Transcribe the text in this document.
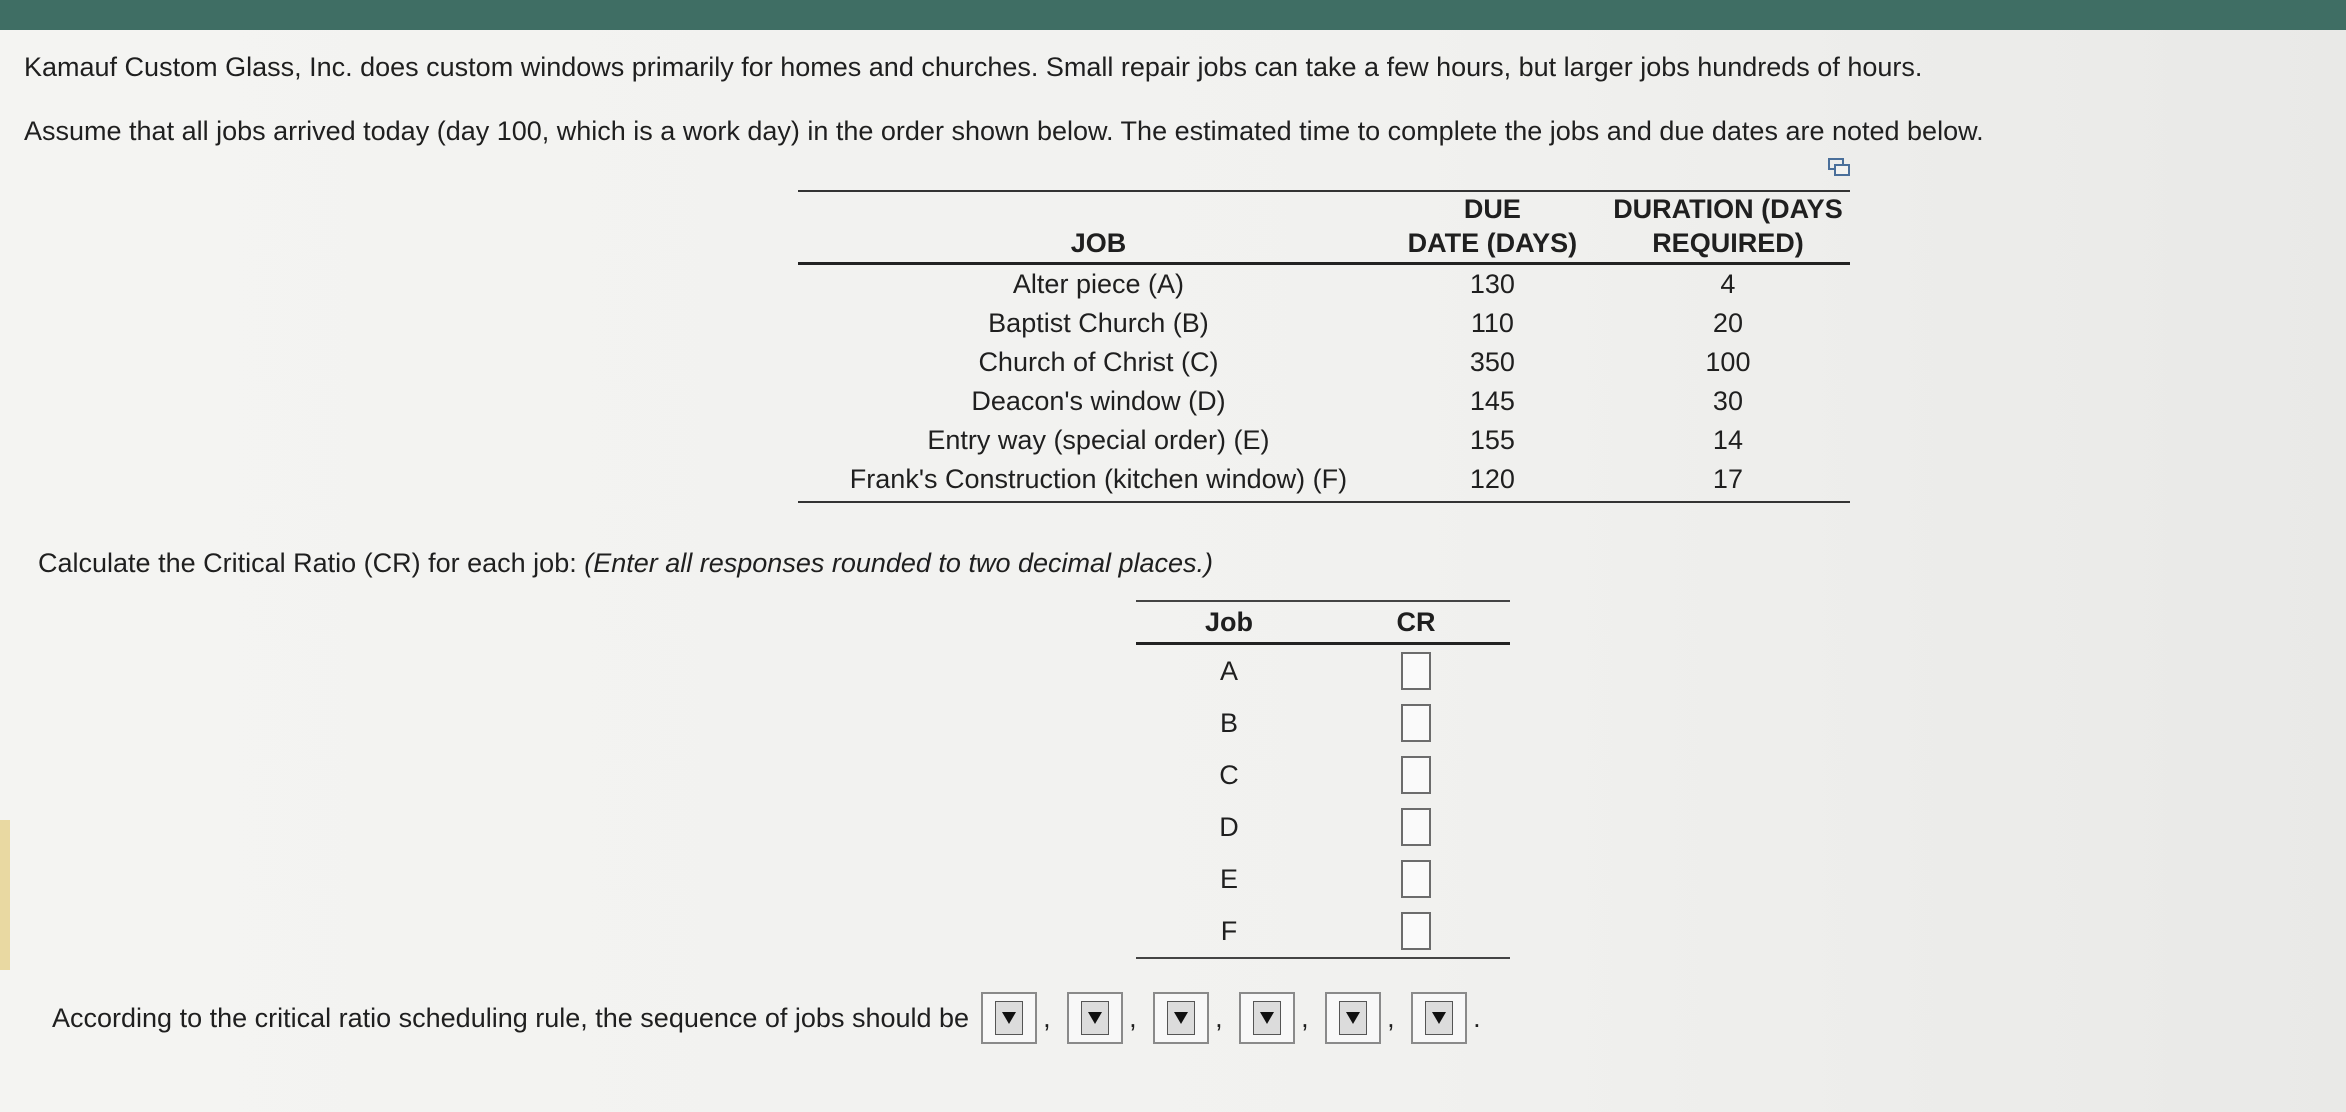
Kamauf Custom Glass, Inc. does custom windows primarily for homes and churches. Small repair jobs can take a few hours, but larger jobs hundreds of hours.

Assume that all jobs arrived today (day 100, which is a work day) in the order shown below. The estimated time to complete the jobs and due dates are noted below.

	DUE	DURATION (DAYS
JOB	DATE (DAYS)	REQUIRED)
Alter piece (A)	130	4
Baptist Church (B)	110	20
Church of Christ (C)	350	100
Deacon's window (D)	145	30
Entry way (special order) (E)	155	14
Frank's Construction (kitchen window) (F)	120	17
Calculate the Critical Ratio (CR) for each job: (Enter all responses rounded to two decimal places.)
Job	CR
A	
B	
C	
D	
E	
F	
According to the critical ratio scheduling rule, the sequence of jobs should be	,	,	,	,	,	.
